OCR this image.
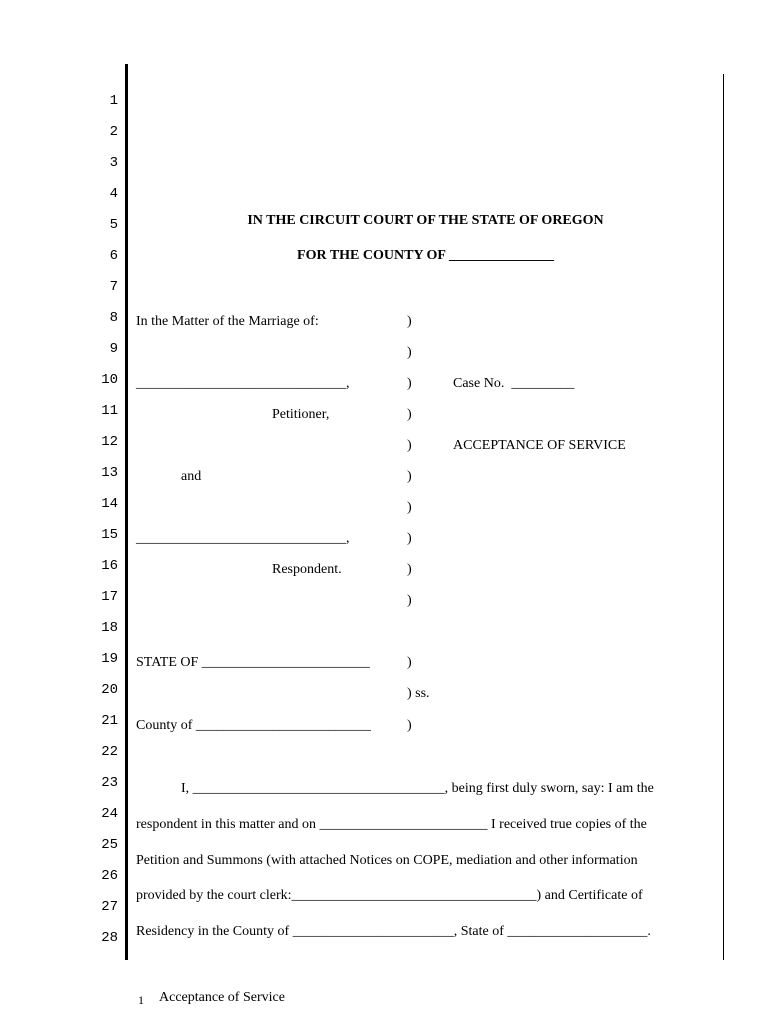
1
2
3
4
5
6
7
8
9
10
11
12
13
14
15
16
17
18
19
20
21
22
23
24
25
26
27
28
IN THE CIRCUIT COURT OF THE STATE OF OREGON
FOR THE COUNTY OF _______________
In the Matter of the Marriage of:
______________________________,
Petitioner,
and
______________________________,
Respondent.
)
)
)
)
)
)
)
)
)
)
Case No.  _________
ACCEPTANCE OF SERVICE
STATE OF ________________________	)
) ss.
County of _________________________	)
I, ____________________________________, being first duly sworn, say: I am the
respondent in this matter and on ________________________ I received true copies of the
Petition and Summons (with attached Notices on COPE, mediation and other information
provided by the court clerk:___________________________________) and Certificate of
Residency in the County of _______________________, State of ____________________.
1 Acceptance of Service
